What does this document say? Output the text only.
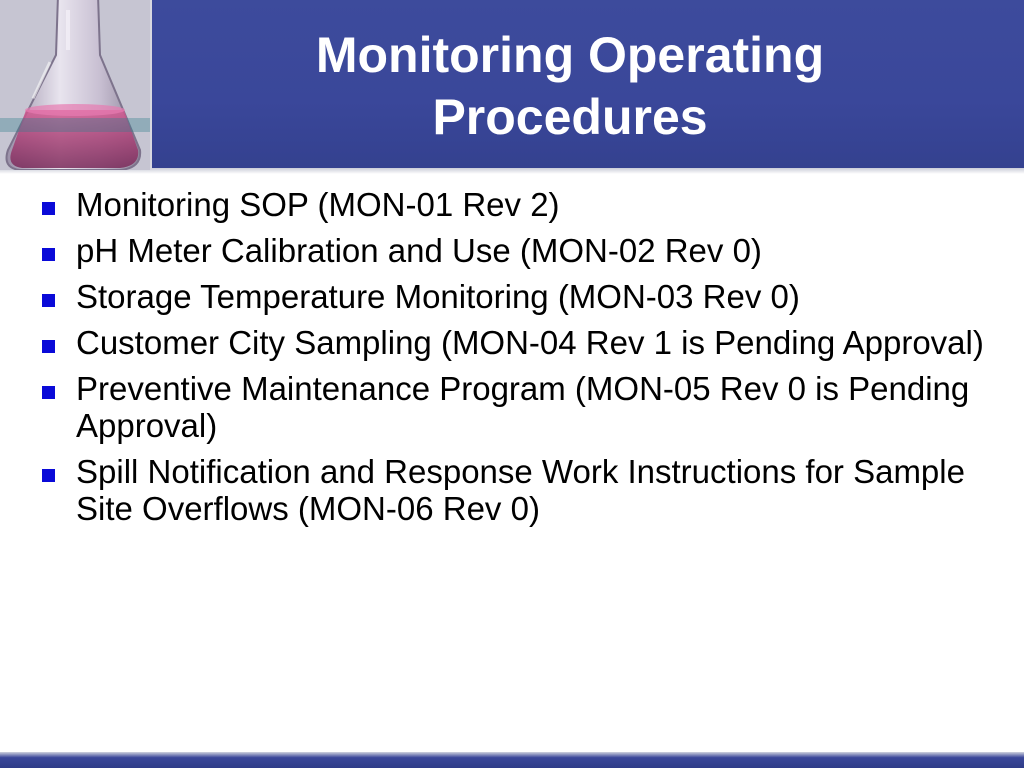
Monitoring Operating
Procedures
Monitoring SOP (MON-01 Rev 2)
pH Meter Calibration and Use (MON-02 Rev 0)
Storage Temperature Monitoring (MON-03 Rev 0)
Customer City Sampling (MON-04 Rev 1 is Pending Approval)
Preventive Maintenance Program (MON-05 Rev 0 is Pending Approval)
Spill Notification and Response Work Instructions for Sample Site Overflows (MON-06 Rev 0)
